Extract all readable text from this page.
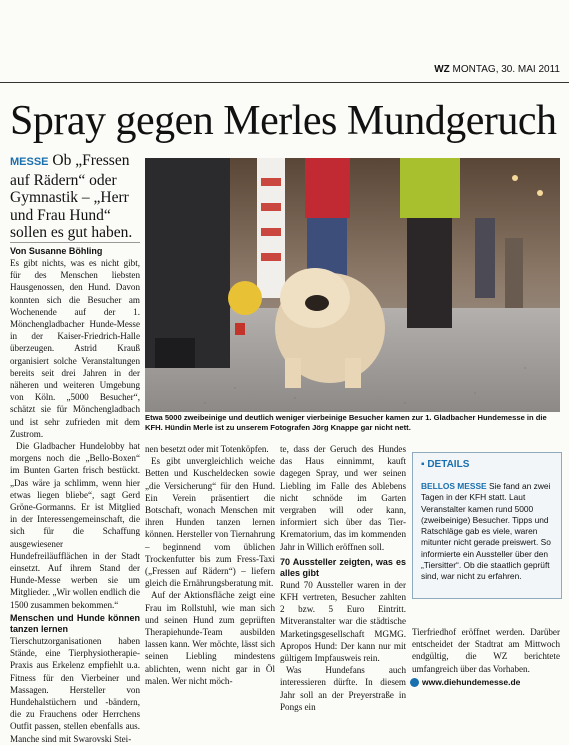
WZ MONTAG, 30. MAI 2011
Spray gegen Merles Mundgeruch
MESSE Ob „Fressen auf Rädern“ oder Gymnastik – „Herr und Frau Hund“ sollen es gut haben.
Von Susanne Böhling

Es gibt nichts, was es nicht gibt, für des Menschen liebsten Hausgenossen, den Hund. Davon konnten sich die Besucher am Wochenende auf der 1. Mönchengladbacher Hunde-Messe in der Kaiser-Friedrich-Halle überzeugen. Astrid Krauß organisiert solche Veranstaltungen bereits seit drei Jahren in der näheren und weiteren Umgebung von Köln. „5000 Besucher“, schätzt sie für Mönchengladbach und ist sehr zufrieden mit dem Zustrom.

Die Gladbacher Hundelobby hat morgens noch die „Bello-Boxen“ im Bunten Garten frisch bestückt. „Das wäre ja schlimm, wenn hier etwas liegen bliebe“, sagt Gerd Gröne-Gormanns. Er ist Mitglied in der Interessengemeinschaft, die sich für die Schaffung ausgewiesener Hundefreiläufflächen in der Stadt einsetzt. Auf ihrem Stand der Hunde-Messe werben sie um Mitglieder. „Wir wollen endlich die 1500 zusammen bekommen.“

Menschen und Hunde können tanzen lernen

Tierschutzorganisationen haben Stände, eine Tierphysiotherapie-Praxis aus Erkelenz empfiehlt u.a. Fitness für den Vierbeiner und Massagen. Hersteller von Hundehalstüchern und -bändern, die zu Frauchens oder Herrchens Outfit passen, stellen ebenfalls aus. Manche sind mit Swarovski Stei-

Etwa 5000 zweibeinige und deutlich weniger vierbeinige Besucher kamen zur 1. Gladbacher Hundemesse in die KFH. Hündin Merle ist zu unserem Fotografen Jörg Knappe gar nicht nett.

nen besetzt oder mit Totenköpfen.

Es gibt unvergleichlich weiche Betten und Kuscheldecken sowie „die Versicherung“ für den Hund. Ein Verein präsentiert die Botschaft, wonach Menschen mit ihren Hunden tanzen lernen können. Hersteller von Tiernahrung – beginnend vom üblichen Trockenfutter bis zum Fress-Taxi („Fressen auf Rädern“) – liefern gleich die Ernährungsberatung mit.

Auf der Aktionsfläche zeigt eine Frau im Rollstuhl, wie man sich und seinen Hund zum geprüften Therapiehunde-Team ausbilden lassen kann. Wer möchte, lässt sich seinen Liebling mindestens ablichten, wenn nicht gar in Öl malen. Wer nicht möch-

te, dass der Geruch des Hundes das Haus einnimmt, kauft dagegen Spray, und wer seinen Liebling im Falle des Ablebens nicht schnöde im Garten vergraben will oder kann, informiert sich über das Tier-Krematorium, das im kommenden Jahr in Willich eröffnen soll.

70 Aussteller zeigten, was es alles gibt

Rund 70 Aussteller waren in der KFH vertreten, Besucher zahlten 2 bzw. 5 Euro Eintritt. Mitveranstalter war die städtische Marketingsgesellschaft MGMG. Apropos Hund: Der kann nur mit gültigem Impfausweis rein.

Was Hundefans auch interessieren dürfte. In diesem Jahr soll an der Preyerstraße in Pongs ein

▪ DETAILS
BELLOS MESSE Sie fand an zwei Tagen in der KFH statt. Laut Veranstalter kamen rund 5000 (zweibeinige) Besucher. Tipps und Ratschläge gab es viele, waren mitunter nicht gerade preiswert. So informierte ein Aussteller über den „Tiersitter“. Ob die staatlich geprüft sind, war nicht zu erfahren.

Tierfriedhof eröffnet werden. Darüber entscheidet der Stadtrat am Mittwoch endgültig, die WZ berichtete umfangreich über das Vorhaben.

www.diehundemesse.de
